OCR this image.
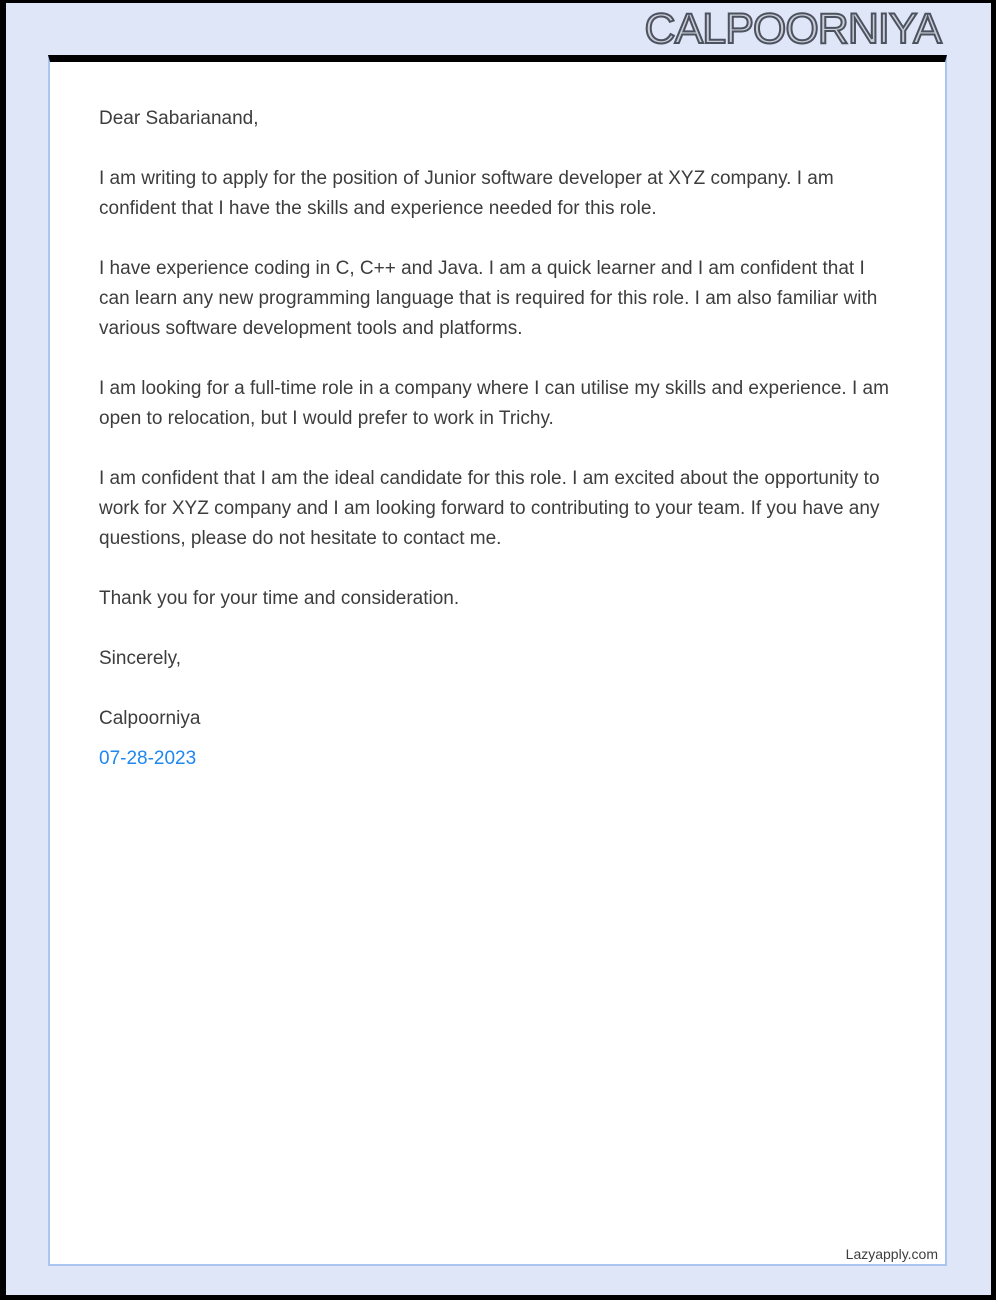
CALPOORNIYA

Dear Sabarianand,

I am writing to apply for the position of Junior software developer at XYZ company. I am confident that I have the skills and experience needed for this role.

I have experience coding in C, C++ and Java. I am a quick learner and I am confident that I can learn any new programming language that is required for this role. I am also familiar with various software development tools and platforms.

I am looking for a full-time role in a company where I can utilise my skills and experience. I am open to relocation, but I would prefer to work in Trichy.

I am confident that I am the ideal candidate for this role. I am excited about the opportunity to work for XYZ company and I am looking forward to contributing to your team. If you have any questions, please do not hesitate to contact me.

Thank you for your time and consideration.

Sincerely,

Calpoorniya

07-28-2023

Lazyapply.com
